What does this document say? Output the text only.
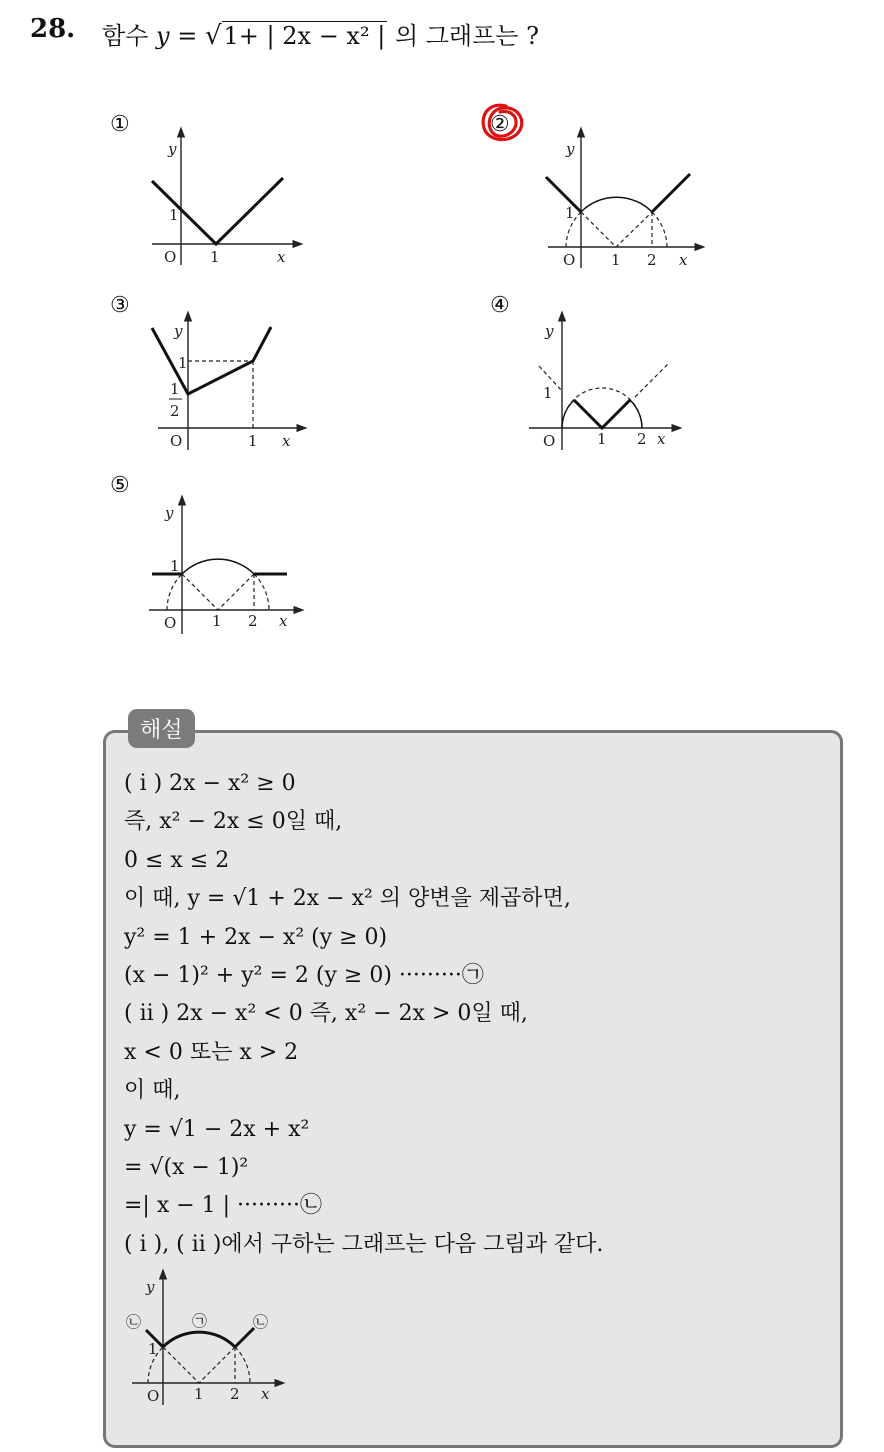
28. 함수 y = √1+ | 2x − x² | 의 그래프는 ?
①	②
③	④
⑤
y
1
O 1	x
y
1
O 1 2 x
y
1
1
2
O	1 x
y
1
O	1 2 x
y
1
O 1 2 x
해설
( i ) 2x − x² ≥ 0
즉, x² − 2x ≤ 0일 때,
0 ≤ x ≤ 2
이 때, y = √1 + 2x − x² 의 양변을 제곱하면,
y² = 1 + 2x − x² (y ≥ 0)
(x − 1)² + y² = 2 (y ≥ 0) ·········㉠
( ii ) 2x − x² < 0 즉, x² − 2x > 0일 때,
x < 0 또는 x > 2
이 때,
y = √1 − 2x + x²
= √(x − 1)²
=| x − 1 | ·········㉡
( i ), ( ii )에서 구하는 그래프는 다음 그림과 같다.
y
㉡	㉠	㉡
1
O 1 2 x
